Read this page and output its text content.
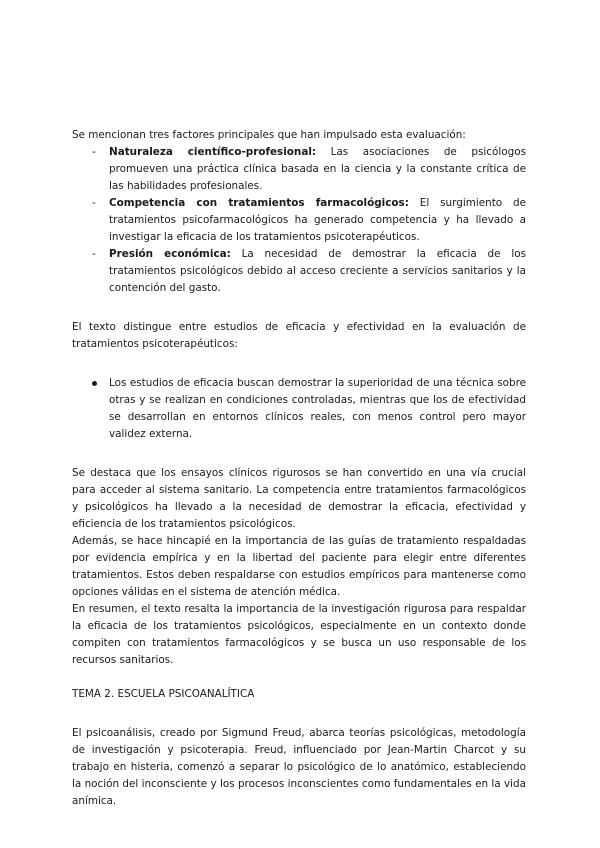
Se mencionan tres factores principales que han impulsado esta evaluación:

- Naturaleza científico-profesional: Las asociaciones de psicólogos promueven una práctica clínica basada en la ciencia y la constante crítica de las habilidades profesionales.
- Competencia con tratamientos farmacológicos: El surgimiento de tratamientos psicofarmacológicos ha generado competencia y ha llevado a investigar la eficacia de los tratamientos psicoterapéuticos.
- Presión económica: La necesidad de demostrar la eficacia de los tratamientos psicológicos debido al acceso creciente a servicios sanitarios y la contención del gasto.

El texto distingue entre estudios de eficacia y efectividad en la evaluación de tratamientos psicoterapéuticos:

Los estudios de eficacia buscan demostrar la superioridad de una técnica sobre otras y se realizan en condiciones controladas, mientras que los de efectividad se desarrollan en entornos clínicos reales, con menos control pero mayor validez externa.

Se destaca que los ensayos clínicos rigurosos se han convertido en una vía crucial para acceder al sistema sanitario. La competencia entre tratamientos farmacológicos y psicológicos ha llevado a la necesidad de demostrar la eficacia, efectividad y eficiencia de los tratamientos psicológicos.

Además, se hace hincapié en la importancia de las guías de tratamiento respaldadas por evidencia empírica y en la libertad del paciente para elegir entre diferentes tratamientos. Estos deben respaldarse con estudios empíricos para mantenerse como opciones válidas en el sistema de atención médica.

En resumen, el texto resalta la importancia de la investigación rigurosa para respaldar la eficacia de los tratamientos psicológicos, especialmente en un contexto donde compiten con tratamientos farmacológicos y se busca un uso responsable de los recursos sanitarios.

TEMA 2. ESCUELA PSICOANALÍTICA

El psicoanálisis, creado por Sigmund Freud, abarca teorías psicológicas, metodología de investigación y psicoterapia. Freud, influenciado por Jean-Martin Charcot y su trabajo en histeria, comenzó a separar lo psicológico de lo anatómico, estableciendo la noción del inconsciente y los procesos inconscientes como fundamentales en la vida anímica.
